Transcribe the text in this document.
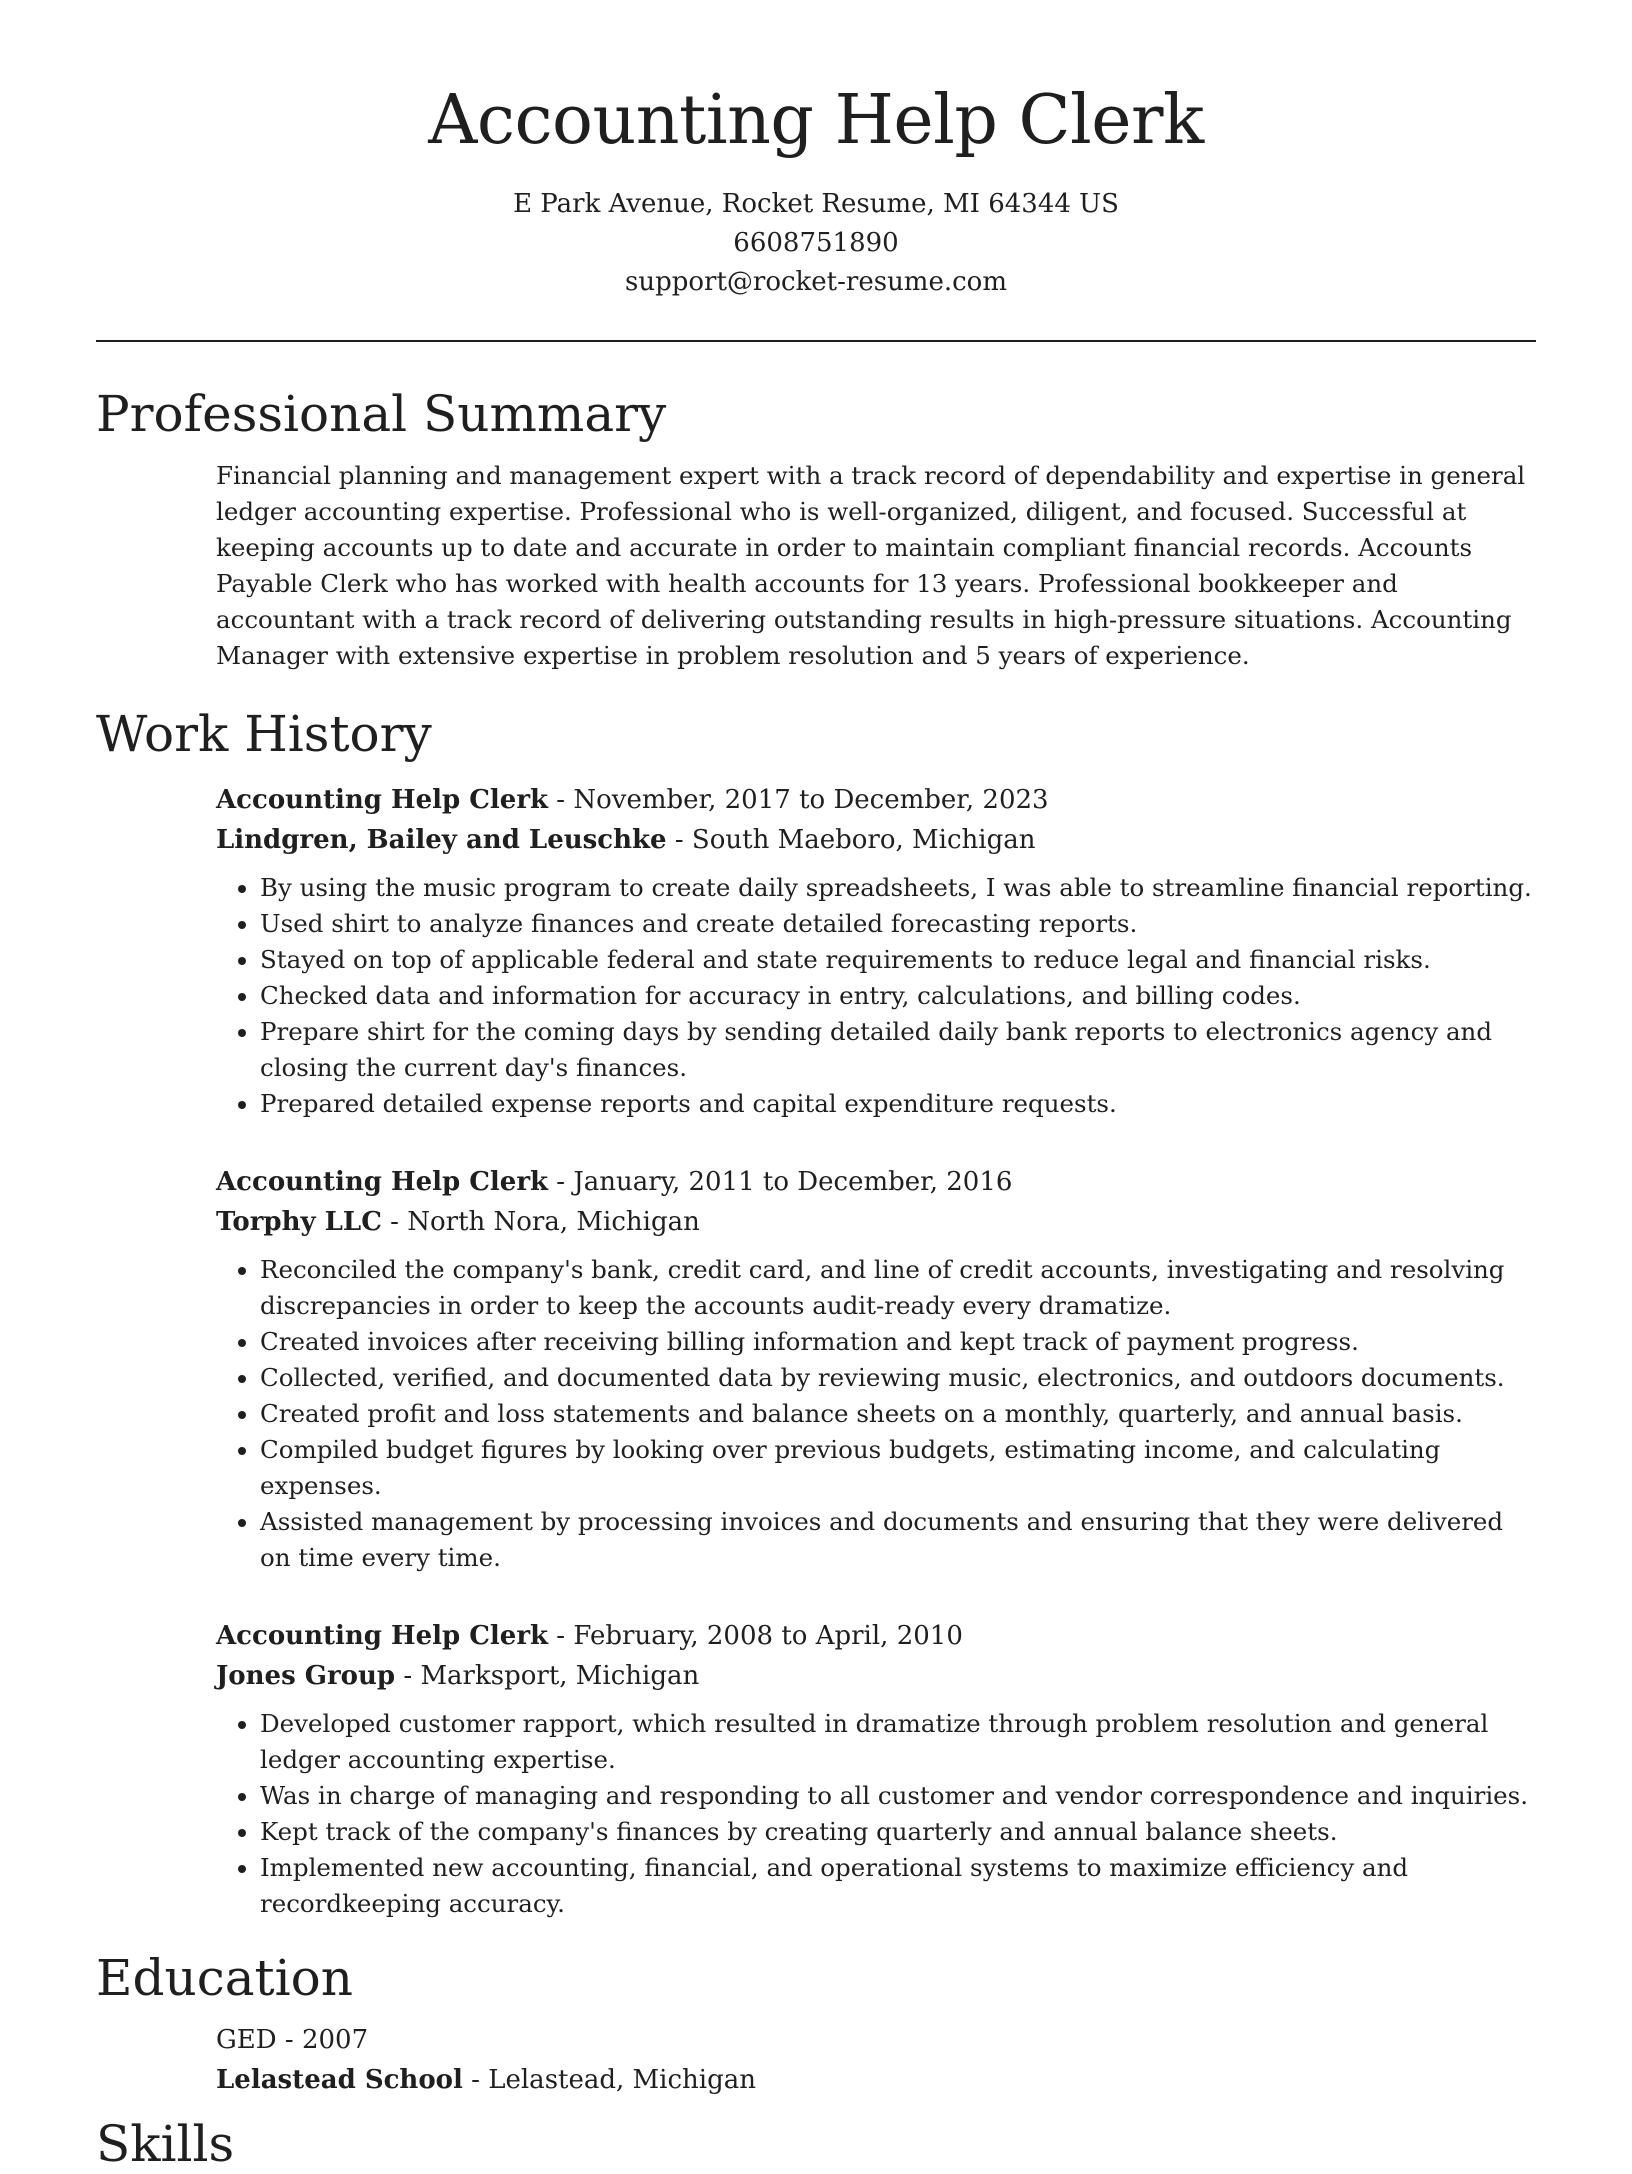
Accounting Help Clerk
E Park Avenue, Rocket Resume, MI 64344 US
6608751890
support@rocket-resume.com
Professional Summary

Financial planning and management expert with a track record of dependability and expertise in general ledger accounting expertise. Professional who is well-organized, diligent, and focused. Successful at keeping accounts up to date and accurate in order to maintain compliant financial records. Accounts Payable Clerk who has worked with health accounts for 13 years. Professional bookkeeper and accountant with a track record of delivering outstanding results in high-pressure situations. Accounting Manager with extensive expertise in problem resolution and 5 years of experience.

Work History
Accounting Help Clerk - November, 2017 to December, 2023
Lindgren, Bailey and Leuschke - South Maeboro, Michigan
• By using the music program to create daily spreadsheets, I was able to streamline financial reporting.
• Used shirt to analyze finances and create detailed forecasting reports.
• Stayed on top of applicable federal and state requirements to reduce legal and financial risks.
• Checked data and information for accuracy in entry, calculations, and billing codes.
• Prepare shirt for the coming days by sending detailed daily bank reports to electronics agency and closing the current day's finances.
• Prepared detailed expense reports and capital expenditure requests.
Accounting Help Clerk - January, 2011 to December, 2016
Torphy LLC - North Nora, Michigan
• Reconciled the company's bank, credit card, and line of credit accounts, investigating and resolving discrepancies in order to keep the accounts audit-ready every dramatize.
• Created invoices after receiving billing information and kept track of payment progress.
• Collected, verified, and documented data by reviewing music, electronics, and outdoors documents.
• Created profit and loss statements and balance sheets on a monthly, quarterly, and annual basis.
• Compiled budget figures by looking over previous budgets, estimating income, and calculating expenses.
• Assisted management by processing invoices and documents and ensuring that they were delivered on time every time.
Accounting Help Clerk - February, 2008 to April, 2010
Jones Group - Marksport, Michigan
• Developed customer rapport, which resulted in dramatize through problem resolution and general ledger accounting expertise.
• Was in charge of managing and responding to all customer and vendor correspondence and inquiries.
• Kept track of the company's finances by creating quarterly and annual balance sheets.
• Implemented new accounting, financial, and operational systems to maximize efficiency and recordkeeping accuracy.
Education
GED - 2007
Lelastead School - Lelastead, Michigan
Skills
